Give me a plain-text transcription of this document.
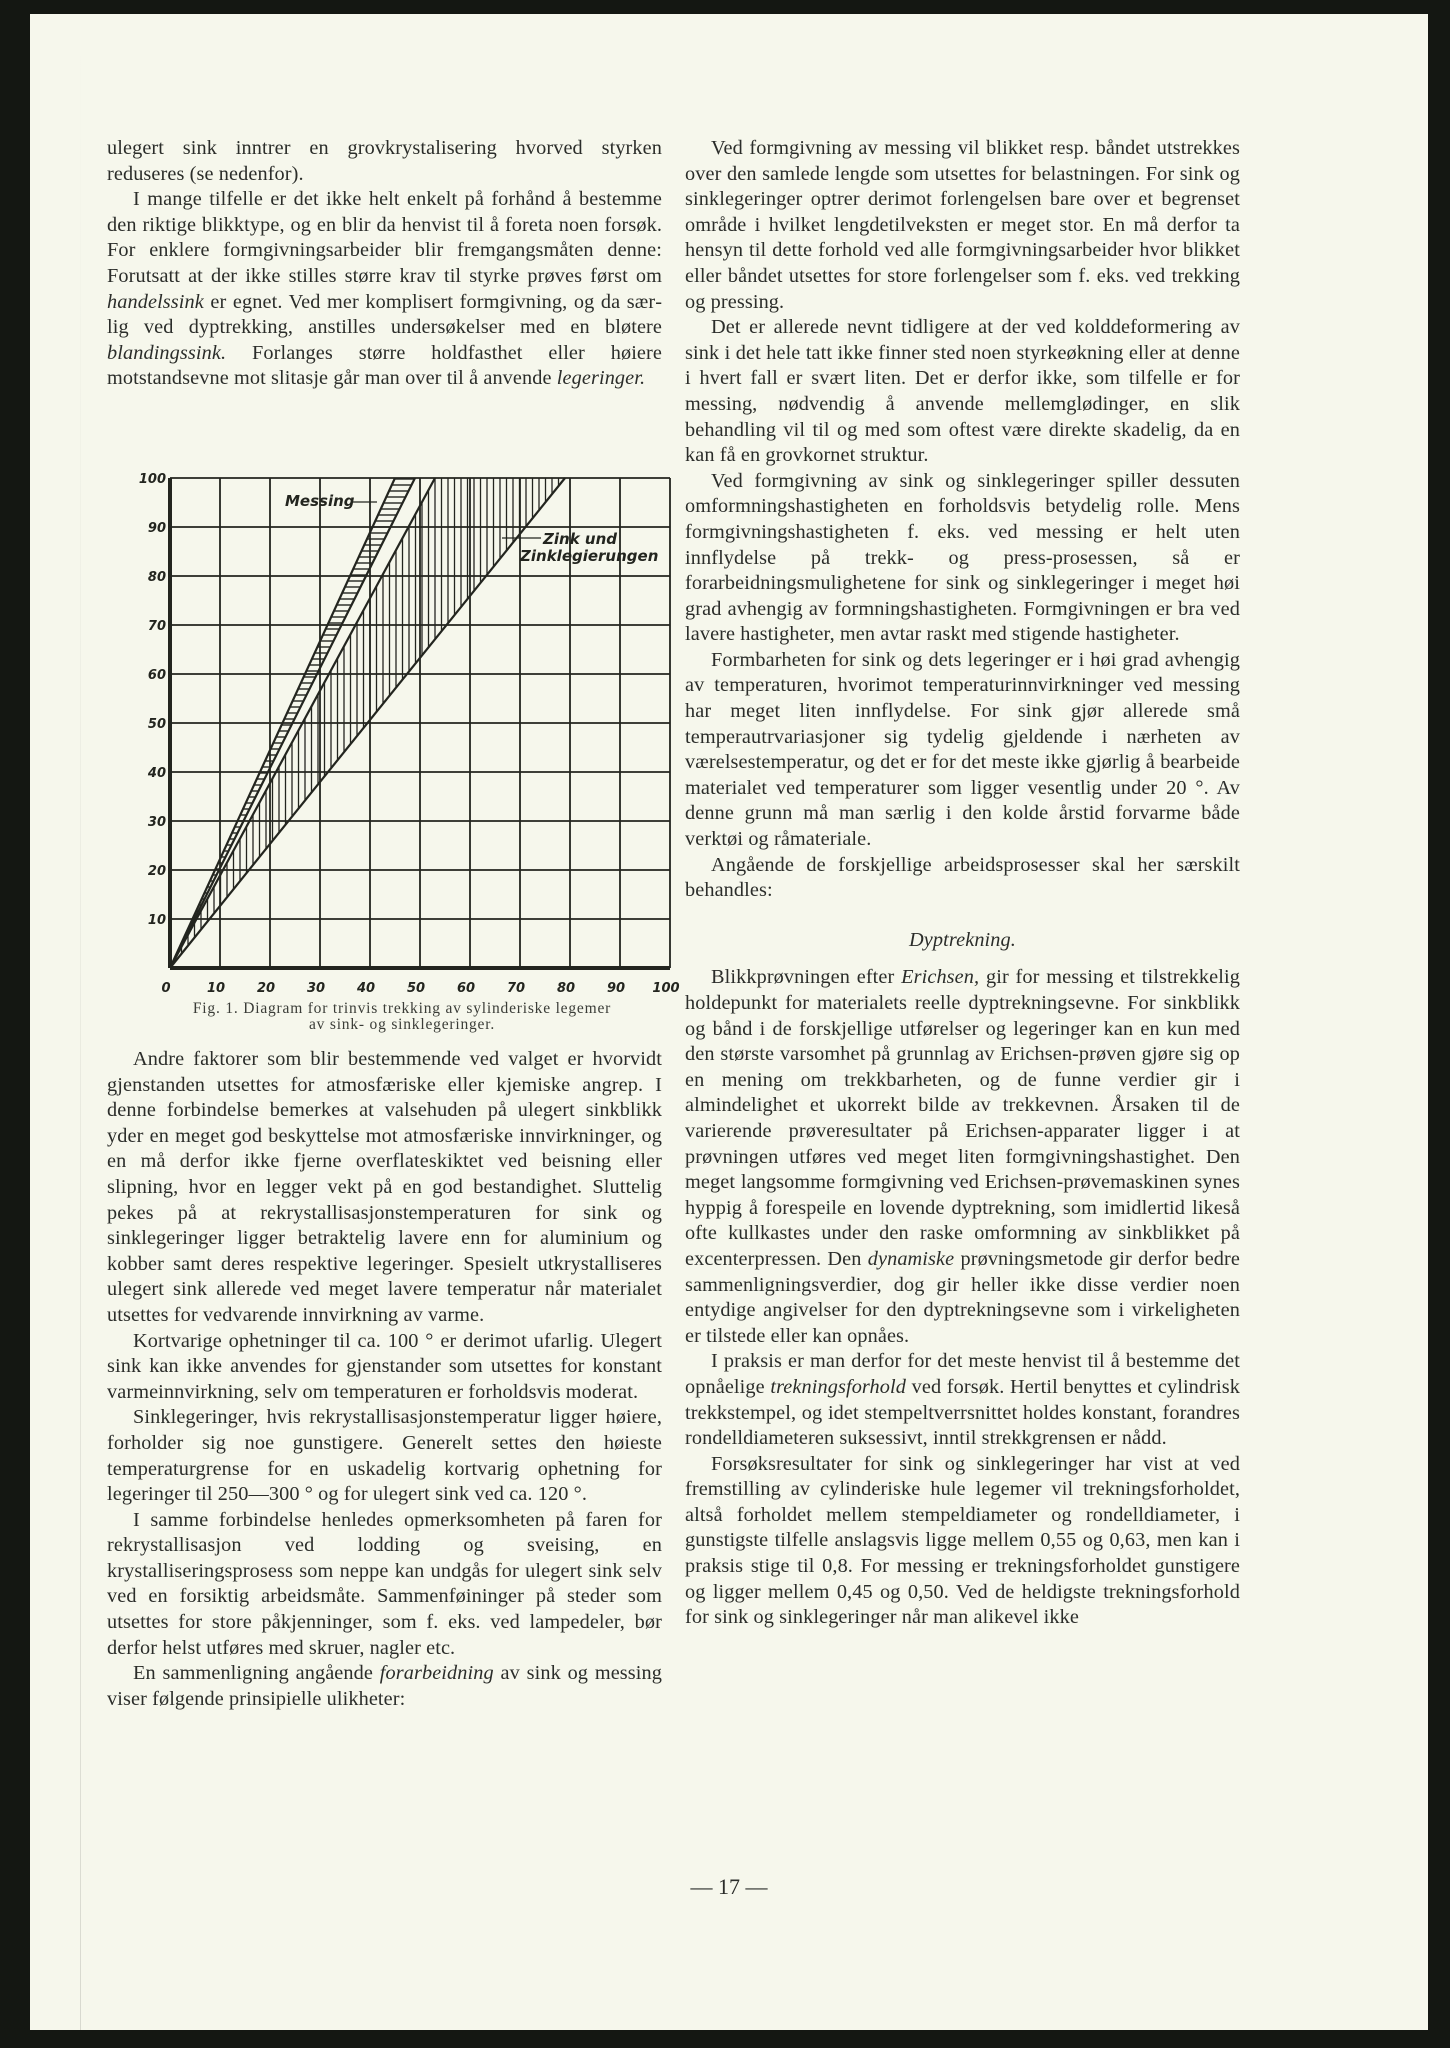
ulegert sink inntrer en grovkrystalisering hvorved styrken reduseres (se nedenfor).

I mange tilfelle er det ikke helt enkelt på forhånd å bestemme den riktige blikktype, og en blir da henvist til å foreta noen forsøk. For enklere formgivningsarbeider blir fremgangsmåten denne: Forutsatt at der ikke stilles større krav til styrke prøves først om handelssink er egnet. Ved mer komplisert formgivning, og da særlig ved dyptrekking, anstilles undersøkelser med en bløtere blandingssink. Forlanges større holdfasthet eller høiere motstandsevne mot slitasje går man over til å anvende legeringer.

0	10 20 30 40 50 60 70 80 90 100
10
20
30
40
50
60
70
80
90
100
Messing
Zink und
Zinklegierungen
Fig. 1. Diagram for trinvis trekking av sylinderiske legemer
av sink- og sinklegeringer.

Andre faktorer som blir bestemmende ved valget er hvorvidt gjenstanden utsettes for atmosfæriske eller kjemiske angrep. I denne forbindelse bemerkes at valsehuden på ulegert sinkblikk yder en meget god beskyttelse mot atmosfæriske innvirkninger, og en må derfor ikke fjerne overflateskiktet ved beisning eller slipning, hvor en legger vekt på en god bestandighet. Sluttelig pekes på at rekrystallisasjonstemperaturen for sink og sinklegeringer ligger betraktelig lavere enn for aluminium og kobber samt deres respektive legeringer. Spesielt utkrystalliseres ulegert sink allerede ved meget lavere temperatur når materialet utsettes for vedvarende innvirkning av varme.

Kortvarige ophetninger til ca. 100 ° er derimot ufarlig. Ulegert sink kan ikke anvendes for gjenstander som utsettes for konstant varmeinnvirkning, selv om temperaturen er forholdsvis moderat.

Sinklegeringer, hvis rekrystallisasjonstemperatur ligger høiere, forholder sig noe gunstigere. Generelt settes den høieste temperaturgrense for en uskadelig kortvarig ophetning for legeringer til 250—300 ° og for ulegert sink ved ca. 120 °.

I samme forbindelse henledes opmerksomheten på faren for rekrystallisasjon ved lodding og sveising, en krystalliseringsprosess som neppe kan undgås for ulegert sink selv ved en forsiktig arbeidsmåte. Sammenføininger på steder som utsettes for store påkjenninger, som f. eks. ved lampedeler, bør derfor helst utføres med skruer, nagler etc.

En sammenligning angående forarbeidning av sink og messing viser følgende prinsipielle ulikheter:

Ved formgivning av messing vil blikket resp. båndet utstrekkes over den samlede lengde som utsettes for belastningen. For sink og sinklegeringer optrer derimot forlengelsen bare over et begrenset område i hvilket lengdetilveksten er meget stor. En må derfor ta hensyn til dette forhold ved alle formgivningsarbeider hvor blikket eller båndet utsettes for store forlengelser som f. eks. ved trekking og pressing.

Det er allerede nevnt tidligere at der ved kolddeformering av sink i det hele tatt ikke finner sted noen styrkeøkning eller at denne i hvert fall er svært liten. Det er derfor ikke, som tilfelle er for messing, nødvendig å anvende mellemglødinger, en slik behandling vil til og med som oftest være direkte skadelig, da en kan få en grovkornet struktur.

Ved formgivning av sink og sinklegeringer spiller dessuten omformningshastigheten en forholdsvis betydelig rolle. Mens formgivningshastigheten f. eks. ved messing er helt uten innflydelse på trekk- og press-prosessen, så er forarbeidningsmulighetene for sink og sinklegeringer i meget høi grad avhengig av formningshastigheten. Formgivningen er bra ved lavere hastigheter, men avtar raskt med stigende hastigheter.

Formbarheten for sink og dets legeringer er i høi grad avhengig av temperaturen, hvorimot temperaturinnvirkninger ved messing har meget liten innflydelse. For sink gjør allerede små temperautrvariasjoner sig tydelig gjeldende i nærheten av værelsestemperatur, og det er for det meste ikke gjørlig å bearbeide materialet ved temperaturer som ligger vesentlig under 20 °. Av denne grunn må man særlig i den kolde årstid forvarme både verktøi og råmateriale.

Angående de forskjellige arbeidsprosesser skal her særskilt behandles:

Dyptrekning.

Blikkprøvningen efter Erichsen, gir for messing et tilstrekkelig holdepunkt for materialets reelle dyptrekningsevne. For sinkblikk og bånd i de forskjellige utførelser og legeringer kan en kun med den største varsomhet på grunnlag av Erichsen-prøven gjøre sig op en mening om trekkbarheten, og de funne verdier gir i almindelighet et ukorrekt bilde av trekkevnen. Årsaken til de varierende prøveresultater på Erichsen-apparater ligger i at prøvningen utføres ved meget liten formgivningshastighet. Den meget langsomme formgivning ved Erichsen-prøvemaskinen synes hyppig å forespeile en lovende dyptrekning, som imidlertid likeså ofte kullkastes under den raske omformning av sinkblikket på excenterpressen. Den dynamiske prøvningsmetode gir derfor bedre sammenligningsverdier, dog gir heller ikke disse verdier noen entydige angivelser for den dyptrekningsevne som i virkeligheten er tilstede eller kan opnåes.

I praksis er man derfor for det meste henvist til å bestemme det opnåelige trekningsforhold ved forsøk. Hertil benyttes et cylindrisk trekkstempel, og idet stempeltverrsnittet holdes konstant, forandres rondelldiameteren suksessivt, inntil strekkgrensen er nådd.

Forsøksresultater for sink og sinklegeringer har vist at ved fremstilling av cylinderiske hule legemer vil trekningsforholdet, altså forholdet mellem stempeldiameter og rondelldiameter, i gunstigste tilfelle anslagsvis ligge mellem 0,55 og 0,63, men kan i praksis stige til 0,8. For messing er trekningsforholdet gunstigere og ligger mellem 0,45 og 0,50. Ved de heldigste trekningsforhold for sink og sinklegeringer når man alikevel ikke

— 17 —
